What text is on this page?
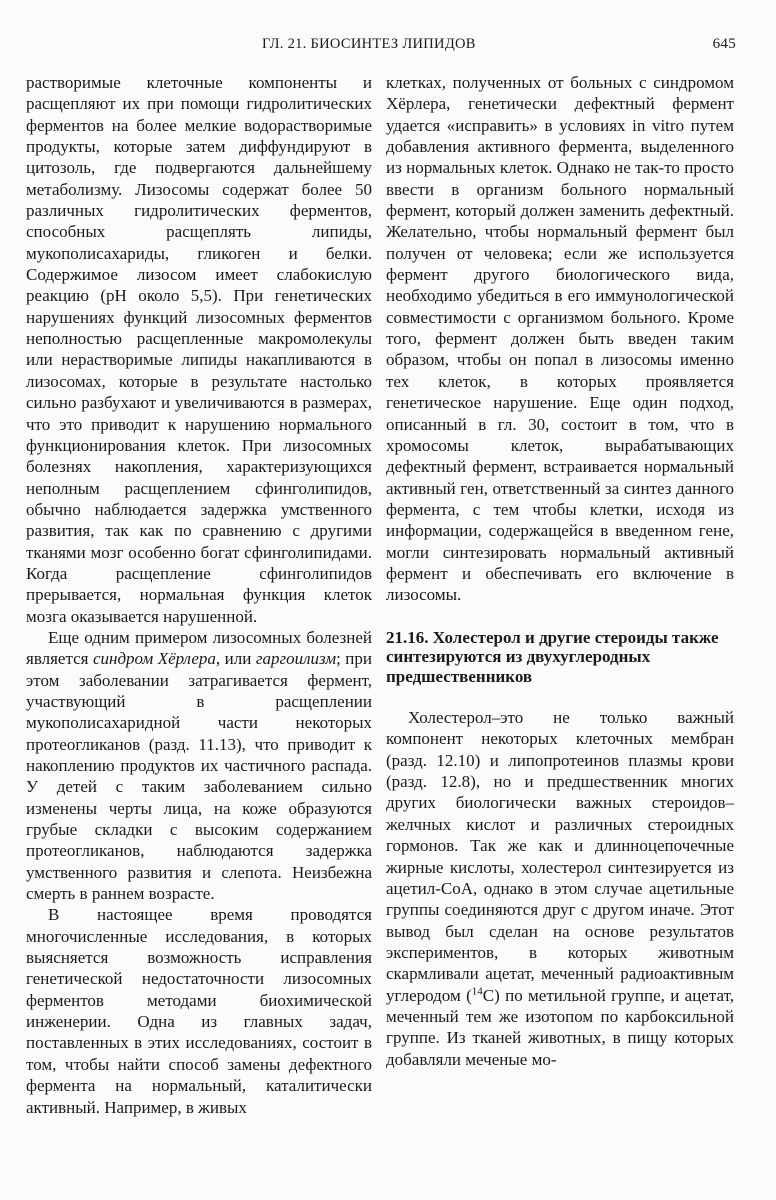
ГЛ. 21. БИОСИНТЕЗ ЛИПИДОВ	645

растворимые клеточные компоненты и расщепляют их при помощи гидролитических ферментов на более мелкие водорастворимые продукты, которые затем диффундируют в цитозоль, где подвергаются дальнейшему метаболизму. Лизосомы содержат более 50 различных гидролитических ферментов, способных расщеплять липиды, мукополисахариды, гликоген и белки. Содержимое лизосом имеет слабокислую реакцию (pH около 5,5). При генетических нарушениях функций лизосомных ферментов неполностью расщепленные макромолекулы или нерастворимые липиды накапливаются в лизосомах, которые в результате настолько сильно разбухают и увеличиваются в размерах, что это приводит к нарушению нормального функционирования клеток. При лизосомных болезнях накопления, характеризующихся неполным расщеплением сфинголипидов, обычно наблюдается задержка умственного развития, так как по сравнению с другими тканями мозг особенно богат сфинголипидами. Когда расщепление сфинголипидов прерывается, нормальная функция клеток мозга оказывается нарушенной.

Еще одним примером лизосомных болезней является синдром Хёрлера, или гаргоилизм; при этом заболевании затрагивается фермент, участвующий в расщеплении мукополисахаридной части некоторых протеогликанов (разд. 11.13), что приводит к накоплению продуктов их частичного распада. У детей с таким заболеванием сильно изменены черты лица, на коже образуются грубые складки с высоким содержанием протеогликанов, наблюдаются задержка умственного развития и слепота. Неизбежна смерть в раннем возрасте.

В настоящее время проводятся многочисленные исследования, в которых выясняется возможность исправления генетической недостаточности лизосомных ферментов методами биохимической инженерии. Одна из главных задач, поставленных в этих исследованиях, состоит в том, чтобы найти способ замены дефектного фермента на нормальный, каталитически активный. Например, в живых

клетках, полученных от больных с синдромом Хёрлера, генетически дефектный фермент удается «исправить» в условиях in vitro путем добавления активного фермента, выделенного из нормальных клеток. Однако не так-то просто ввести в организм больного нормальный фермент, который должен заменить дефектный. Желательно, чтобы нормальный фермент был получен от человека; если же используется фермент другого биологического вида, необходимо убедиться в его иммунологической совместимости с организмом больного. Кроме того, фермент должен быть введен таким образом, чтобы он попал в лизосомы именно тех клеток, в которых проявляется генетическое нарушение. Еще один подход, описанный в гл. 30, состоит в том, что в хромосомы клеток, вырабатывающих дефектный фермент, встраивается нормальный активный ген, ответственный за синтез данного фермента, с тем чтобы клетки, исходя из информации, содержащейся в введенном гене, могли синтезировать нормальный активный фермент и обеспечивать его включение в лизосомы.

21.16. Холестерол и другие стероиды также синтезируются из двухуглеродных предшественников

Холестерол–это не только важный компонент некоторых клеточных мембран (разд. 12.10) и липопротеинов плазмы крови (разд. 12.8), но и предшественник многих других биологически важных стероидов–желчных кислот и различных стероидных гормонов. Так же как и длинноцепочечные жирные кислоты, холестерол синтезируется из ацетил-СоА, однако в этом случае ацетильные группы соединяются друг с другом иначе. Этот вывод был сделан на основе результатов экспериментов, в которых животным скармливали ацетат, меченный радиоактивным углеродом ($^{14}$С) по метильной группе, и ацетат, меченный тем же изотопом по карбоксильной группе. Из тканей животных, в пищу которых добавляли меченые мо-
